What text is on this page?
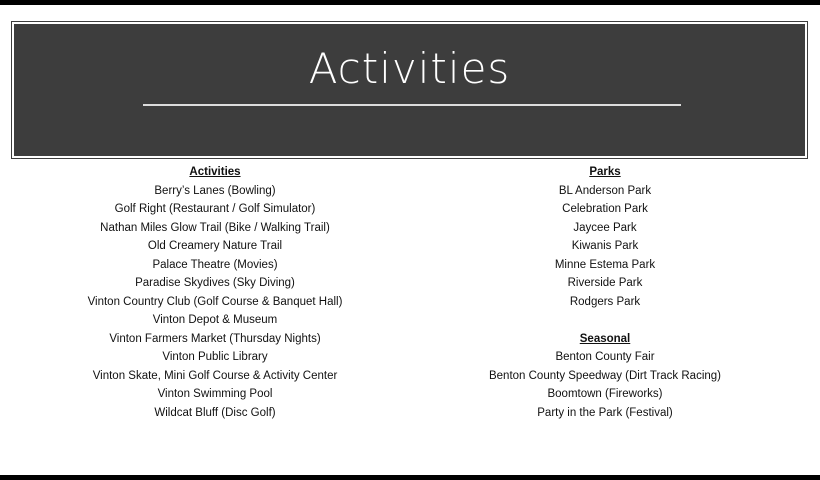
Activities
Activities
Berry’s Lanes (Bowling)
Golf Right (Restaurant / Golf Simulator)
Nathan Miles Glow Trail (Bike / Walking Trail)
Old Creamery Nature Trail
Palace Theatre (Movies)
Paradise Skydives (Sky Diving)
Vinton Country Club (Golf Course & Banquet Hall)
Vinton Depot & Museum
Vinton Farmers Market (Thursday Nights)
Vinton Public Library
Vinton Skate, Mini Golf Course & Activity Center
Vinton Swimming Pool
Wildcat Bluff (Disc Golf)
Parks
BL Anderson Park
Celebration Park
Jaycee Park
Kiwanis Park
Minne Estema Park
Riverside Park
Rodgers Park
Seasonal
Benton County Fair
Benton County Speedway (Dirt Track Racing)
Boomtown (Fireworks)
Party in the Park (Festival)
